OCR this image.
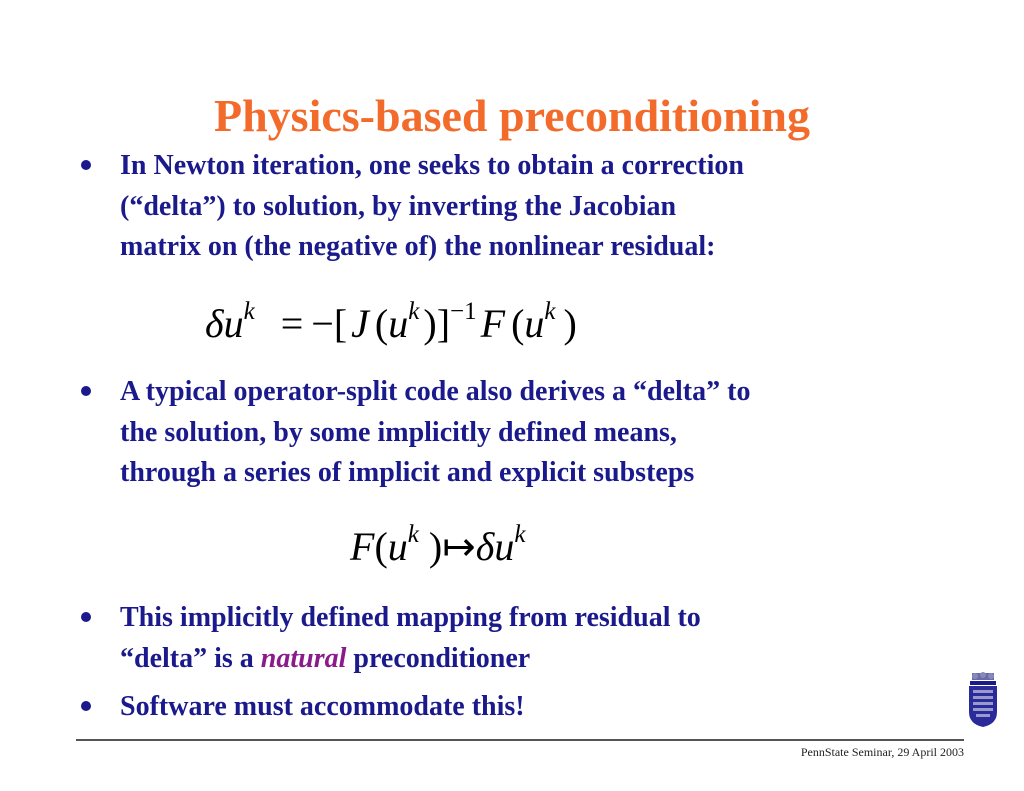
Physics-based preconditioning
In Newton iteration, one seeks to obtain a correction
(“delta”) to solution, by inverting the Jacobian
matrix on (the negative of) the nonlinear residual:
$\delta u^k$ = −[ J ($u^k$ )]$^{-1}$ F ($u^k$ )
A typical operator-split code also derives a “delta” to
the solution, by some implicitly defined means,
through a series of implicit and explicit substeps
$F(u^k$ )$↦\delta u^k$
This implicitly defined mapping from residual to
“delta” is a natural preconditioner
Software must accommodate this!
PennState Seminar, 29 April 2003
